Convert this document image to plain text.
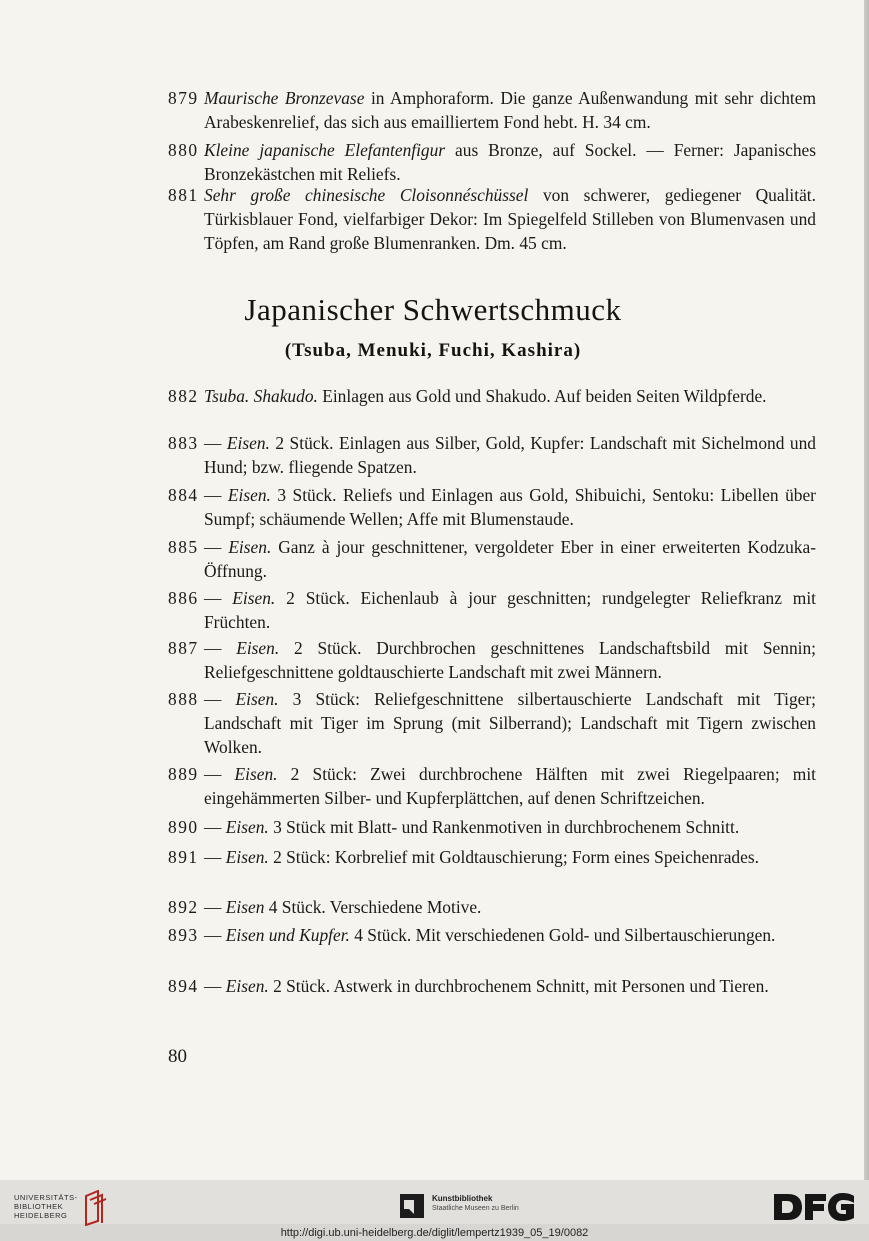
879 Maurische Bronzevase in Amphoraform. Die ganze Außenwandung mit sehr dichtem Arabeskenrelief, das sich aus emailliertem Fond hebt. H. 34 cm.
880 Kleine japanische Elefantenfigur aus Bronze, auf Sockel. — Ferner: Japanisches Bronzekästchen mit Reliefs.
881 Sehr große chinesische Cloisonnéschüssel von schwerer, gediegener Qualität. Türkisblauer Fond, vielfarbiger Dekor: Im Spiegelfeld Stilleben von Blumenvasen und Töpfen, am Rand große Blumenranken. Dm. 45 cm.
Japanischer Schwertschmuck
(Tsuba, Menuki, Fuchi, Kashira)
882 Tsuba. Shakudo. Einlagen aus Gold und Shakudo. Auf beiden Seiten Wildpferde.
883 — Eisen. 2 Stück. Einlagen aus Silber, Gold, Kupfer: Landschaft mit Sichelmond und Hund; bzw. fliegende Spatzen.
884 — Eisen. 3 Stück. Reliefs und Einlagen aus Gold, Shibuichi, Sentoku: Libellen über Sumpf; schäumende Wellen; Affe mit Blumenstaude.
885 — Eisen. Ganz à jour geschnittener, vergoldeter Eber in einer erweiterten Kodzuka-Öffnung.
886 — Eisen. 2 Stück. Eichenlaub à jour geschnitten; rundgelegter Reliefkranz mit Früchten.
887 — Eisen. 2 Stück. Durchbrochen geschnittenes Landschaftsbild mit Sennin; Reliefgeschnittene goldtauschierte Landschaft mit zwei Männern.
888 — Eisen. 3 Stück: Reliefgeschnittene silbertauschierte Landschaft mit Tiger; Landschaft mit Tiger im Sprung (mit Silberrand); Landschaft mit Tigern zwischen Wolken.
889 — Eisen. 2 Stück: Zwei durchbrochene Hälften mit zwei Riegelpaaren; mit eingehämmerten Silber- und Kupferplättchen, auf denen Schriftzeichen.
890 — Eisen. 3 Stück mit Blatt- und Rankenmotiven in durchbrochenem Schnitt.
891 — Eisen. 2 Stück: Korbrelief mit Goldtauschierung; Form eines Speichenrades.
892 — Eisen 4 Stück. Verschiedene Motive.
893 — Eisen und Kupfer. 4 Stück. Mit verschiedenen Gold- und Silbertauschierungen.
894 — Eisen. 2 Stück. Astwerk in durchbrochenem Schnitt, mit Personen und Tieren.
80
UNIVERSITÄTS-
BIBLIOTHEK
HEIDELBERG
Kunstbibliothek
Staatliche Museen zu Berlin
http://digi.ub.uni-heidelberg.de/diglit/lempertz1939_05_19/0082
